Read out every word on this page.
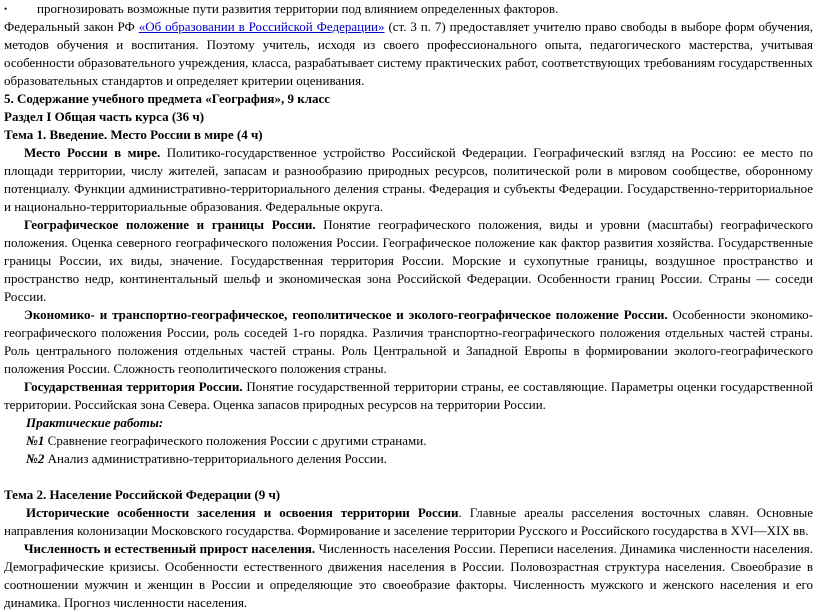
•	прогнозировать возможные пути развития территории под влиянием определенных факторов.

Федеральный закон РФ «Об образовании в Российской Федерации» (ст. 3 п. 7) предоставляет учителю право свободы в выборе форм обучения, методов обучения и воспитания. Поэтому учитель, исходя из своего профессионального опыта, педагогического мастерства, учитывая особенности образовательного учреждения, класса, разрабатывает систему практических работ, соответствующих требованиям государственных образовательных стандартов и определяет критерии оценивания.

5. Содержание учебного предмета «География», 9 класс

Раздел I Общая часть курса (36 ч)

Тема 1. Введение. Место России в мире (4 ч)

Место России в мире. Политико-государственное устройство Российской Федерации. Географический взгляд на Россию: ее место по площади территории, числу жителей, запасам и разнообразию природных ресурсов, политической роли в мировом сообществе, оборонному потенциалу. Функции административно-территориального деления страны. Федерация и субъекты Федерации. Государственно-территориальное и национально-территориальные образования. Федеральные округа.

Географическое положение и границы России. Понятие географического положения, виды и уровни (масштабы) географического положения. Оценка северного географического положения России. Географическое положение как фактор развития хозяйства. Государственные границы России, их виды, значение. Государственная территория России. Морские и сухопутные границы, воздушное пространство и пространство недр, континентальный шельф и экономическая зона Российской Федерации. Особенности границ России. Страны — соседи России.

Экономико- и транспортно-географическое, геополитическое и эколого-географическое положение России. Особенности экономико-географического положения России, роль соседей 1-го порядка. Различия транспортно-географического положения отдельных частей страны. Роль центрального положения отдельных частей страны. Роль Центральной и Западной Европы в формировании эколого-географического положения России. Сложность геополитического положения страны.

Государственная территория России. Понятие государственной территории страны, ее составляющие. Параметры оценки государственной территории. Российская зона Севера. Оценка запасов природных ресурсов на территории России.

Практические работы:

№1 Сравнение географического положения России с другими странами.

№2 Анализ административно-территориального деления России.

Тема 2. Население Российской Федерации (9 ч)

Исторические особенности заселения и освоения территории России. Главные ареалы расселения восточных славян. Основные направления колонизации Московского государства. Формирование и заселение территории Русского и Российского государства в XVI—XIX вв.

Численность и естественный прирост населения. Численность населения России. Переписи населения. Динамика численности населения. Демографические кризисы. Особенности естественного движения населения в России. Половозрастная структура населения. Своеобразие в соотношении мужчин и женщин в России и определяющие это своеобразие факторы. Численность мужского и женского населения и его динамика. Прогноз численности населения.
